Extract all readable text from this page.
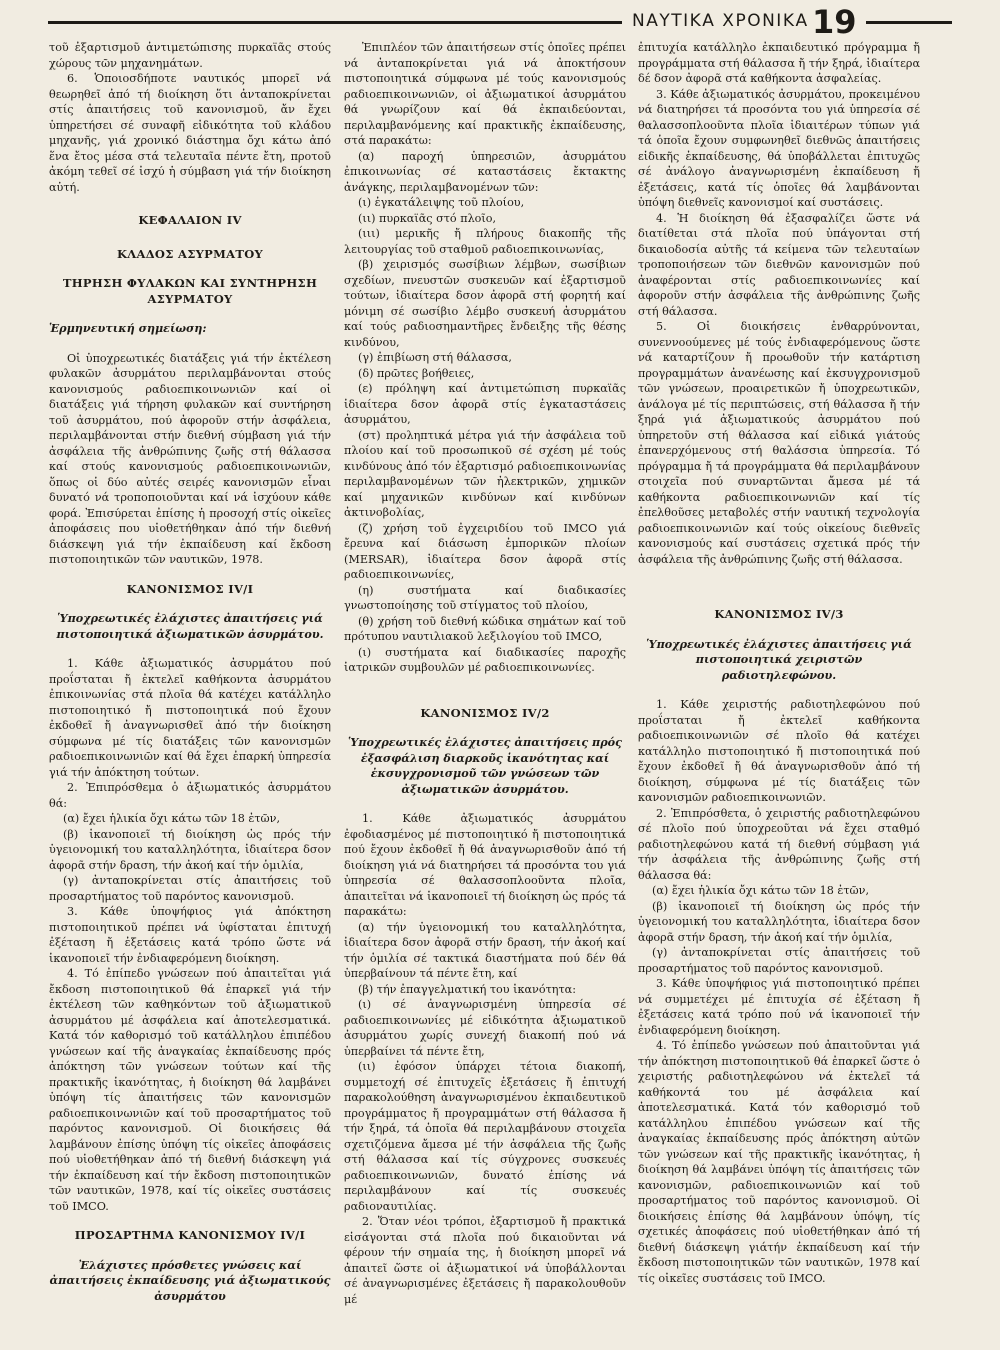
ΝΑΥΤΙΚΑ ΧΡΟΝΙΚΑ 19

τοῦ ἐξαρτισμοῦ ἀντιμετώπισης πυρκαϊᾶς στούς χώρους τῶν μηχανημάτων.

6. Ὁποιοσδήποτε ναυτικός μπορεῖ νά θεωρηθεῖ ἀπό τή διοίκηση ὅτι ἀνταποκρίνεται στίς ἀπαιτήσεις τοῦ κανονισμοῦ, ἄν ἔχει ὑπηρετήσει σέ συναφῆ εἰδικότητα τοῦ κλάδου μηχανῆς, γιά χρονικό διάστημα ὄχι κάτω ἀπό ἕνα ἔτος μέσα στά τελευταῖα πέντε ἔτη, προτοῦ ἀκόμη τεθεῖ σέ ἰσχύ ἡ σύμβαση γιά τήν διοίκηση αὐτή.

ΚΕΦΑΛΑΙΟΝ IV

ΚΛΑΔΟΣ ΑΣΥΡΜΑΤΟΥ

ΤΗΡΗΣΗ ΦΥΛΑΚΩΝ ΚΑΙ ΣΥΝΤΗΡΗΣΗ ΑΣΥΡΜΑΤΟΥ

Ἑρμηνευτική σημείωση:

Οἱ ὑποχρεωτικές διατάξεις γιά τήν ἐκτέλεση φυλακῶν ἀσυρμάτου περιλαμβάνονται στούς κανονισμούς ραδιοεπικοινωνιῶν καί οἱ διατάξεις γιά τήρηση φυλακῶν καί συντήρηση τοῦ ἀσυρμάτου, πού ἀφοροῦν στήν ἀσφάλεια, περιλαμβάνονται στήν διεθνή σύμβαση γιά τήν ἀσφάλεια τῆς ἀνθρώπινης ζωῆς στή θάλασσα καί στούς κανονισμούς ραδιοεπικοινωνιῶν, ὅπως οἱ δύο αὐτές σειρές κανονισμῶν εἶναι δυνατό νά τροποποιοῦνται καί νά ἰσχύουν κάθε φορά. Ἐπισύρεται ἐπίσης ἡ προσοχή στίς οἰκεῖες ἀποφάσεις που υἱοθετήθηκαν ἀπό τήν διεθνή διάσκεψη γιά τήν ἐκπαίδευση καί ἔκδοση πιστοποιητικῶν τῶν ναυτικῶν, 1978.

ΚΑΝΟΝΙΣΜΟΣ IV/I

Ὑποχρεωτικές ἐλάχιστες ἀπαιτήσεις γιά πιστοποιητικά ἀξιωματικῶν ἀσυρμάτου.

1. Κάθε ἀξιωματικός ἀσυρμάτου πού προΐσταται ἤ ἐκτελεῖ καθήκοντα ἀσυρμάτου ἐπικοινωνίας στά πλοῖα θά κατέχει κατάλληλο πιστοποιητικό ἤ πιστοποιητικά πού ἔχουν ἐκδοθεῖ ἤ ἀναγνωρισθεῖ ἀπό τήν διοίκηση σύμφωνα μέ τίς διατάξεις τῶν κανονισμῶν ραδιοεπικοινωνιῶν καί θά ἔχει ἐπαρκή ὑπηρεσία γιά τήν ἀπόκτηση τούτων.

2. Ἐπιπρόσθεμα ὁ ἀξιωματικός ἀσυρμάτου θά:

(α) ἔχει ἡλικία ὄχι κάτω τῶν 18 ἐτῶν,

(β) ἱκανοποιεῖ τή διοίκηση ὡς πρός τήν ὑγειονομική του καταλληλότητα, ἰδιαίτερα δσον ἀφορᾶ στήν δραση, τήν ἀκοή καί τήν ὁμιλία,

(γ) ἀνταποκρίνεται στίς ἀπαιτήσεις τοῦ προσαρτήματος τοῦ παρόντος κανονισμοῦ.

3. Κάθε ὑποψήφιος γιά ἀπόκτηση πιστοποιητικοῦ πρέπει νά ὑφίσταται ἐπιτυχή ἐξέταση ἤ ἐξετάσεις κατά τρόπο ὥστε νά ἱκανοποιεῖ τήν ἐνδιαφερόμενη διοίκηση.

4. Τό ἐπίπεδο γνώσεων πού ἀπαιτεῖται γιά ἔκδοση πιστοποιητικοῦ θά ἐπαρκεῖ γιά τήν ἐκτέλεση τῶν καθηκόντων τοῦ ἀξιωματικοῦ ἀσυρμάτου μέ ἀσφάλεια καί ἀποτελεσματικά. Κατά τόν καθορισμό τοῦ κατάλληλου ἐπιπέδου γνώσεων καί τῆς ἀναγκαίας ἐκπαίδευσης πρός ἀπόκτηση τῶν γνώσεων τούτων καί τῆς πρακτικῆς ἱκανότητας, ἡ διοίκηση θά λαμβάνει ὑπόψη τίς ἀπαιτήσεις τῶν κανονισμῶν ραδιοεπικοινωνιῶν καί τοῦ προσαρτήματος τοῦ παρόντος κανονισμοῦ. Οἱ διοικήσεις θά λαμβάνουν ἐπίσης ὑπόψη τίς οἰκεῖες ἀποφάσεις πού υἱοθετήθηκαν ἀπό τή διεθνή διάσκεψη γιά τήν ἐκπαίδευση καί τήν ἔκδοση πιστοποιητικῶν τῶν ναυτικῶν, 1978, καί τίς οἰκεῖες συστάσεις τοῦ IMCO.

ΠΡΟΣΑΡΤΗΜΑ ΚΑΝΟΝΙΣΜΟΥ IV/I

Ἐλάχιστες πρόσθετες γνώσεις καί ἀπαιτήσεις ἐκπαίδευσης γιά ἀξιωματικούς ἀσυρμάτου

Ἐπιπλέον τῶν ἀπαιτήσεων στίς ὁποῖες πρέπει νά ἀνταποκρίνεται γιά νά ἀποκτήσουν πιστοποιητικά σύμφωνα μέ τούς κανονισμούς ραδιοεπικοινωνιῶν, οἱ ἀξιωματικοί ἀσυρμάτου θά γνωρίζουν καί θά ἐκπαιδεύονται, περιλαμβανόμενης καί πρακτικῆς ἐκπαίδευσης, στά παρακάτω:

(α) παροχή ὑπηρεσιῶν, ἀσυρμάτου ἐπικοινωνίας σέ καταστάσεις ἔκτακτης ἀνάγκης, περιλαμβανομένων τῶν:

(ι) ἐγκατάλειψης τοῦ πλοίου,

(ιι) πυρκαϊᾶς στό πλοῖο,

(ιιι) μερικῆς ἤ πλήρους διακοπῆς τῆς λειτουργίας τοῦ σταθμοῦ ραδιοεπικοινωνίας,

(β) χειρισμός σωσίβιων λέμβων, σωσίβιων σχεδίων, πνευστῶν συσκευῶν καί ἐξαρτισμοῦ τούτων, ἰδιαίτερα δσον ἀφορᾶ στή φορητή καί μόνιμη σέ σωσίβιο λέμβο συσκευή ἀσυρμάτου καί τούς ραδιοσημαντῆρες ἔνδειξης τῆς θέσης κινδύνου,

(γ) ἐπιβίωση στή θάλασσα,

(δ) πρῶτες βοήθειες,

(ε) πρόληψη καί ἀντιμετώπιση πυρκαϊᾶς ἰδιαίτερα δσον ἀφορᾶ στίς ἐγκαταστάσεις ἀσυρμάτου,

(στ) προληπτικά μέτρα γιά τήν ἀσφάλεια τοῦ πλοίου καί τοῦ προσωπικοῦ σέ σχέση μέ τούς κινδύνους ἀπό τόν ἐξαρτισμό ραδιοεπικοινωνίας περιλαμβανομένων τῶν ἠλεκτρικῶν, χημικῶν καί μηχανικῶν κινδύνων καί κινδύνων ἀκτινοβολίας,

(ζ) χρήση τοῦ ἐγχειριδίου τοῦ IMCO γιά ἔρευνα καί διάσωση ἐμπορικῶν πλοίων (MERSAR), ἰδιαίτερα δσον ἀφορᾶ στίς ραδιοεπικοινωνίες,

(η) συστήματα καί διαδικασίες γνωστοποίησης τοῦ στίγματος τοῦ πλοίου,

(θ) χρήση τοῦ διεθνή κώδικα σημάτων καί τοῦ πρότυπου ναυτιλιακοῦ λεξιλογίου τοῦ IMCO,

(ι) συστήματα καί διαδικασίες παροχῆς ἰατρικῶν συμβουλῶν μέ ραδιοεπικοινωνίες.

ΚΑΝΟΝΙΣΜΟΣ IV/2

Ὑποχρεωτικές ἐλάχιστες ἀπαιτήσεις πρός ἐξασφάλιση διαρκοῦς ἱκανότητας καί ἐκσυγχρονισμοῦ τῶν γνώσεων τῶν ἀξιωματικῶν ἀσυρμάτου.

1. Κάθε ἀξιωματικός ἀσυρμάτου ἐφοδιασμένος μέ πιστοποιητικό ἤ πιστοποιητικά πού ἔχουν ἐκδοθεῖ ἤ θά ἀναγνωρισθοῦν ἀπό τή διοίκηση γιά νά διατηρήσει τά προσόντα του γιά ὑπηρεσία σέ θαλασσοπλοοῦντα πλοῖα, ἀπαιτεῖται νά ἱκανοποιεῖ τή διοίκηση ὡς πρός τά παρακάτω:

(α) τήν ὑγειονομική του καταλληλότητα, ἰδιαίτερα δσον ἀφορᾶ στήν δραση, τήν ἀκοή καί τήν ὁμιλία σέ τακτικά διαστήματα πού δέν θά ὑπερβαίνουν τά πέντε ἔτη, καί

(β) τήν ἐπαγγελματική του ἱκανότητα:

(ι) σέ ἀναγνωρισμένη ὑπηρεσία σέ ραδιοεπικοινωνίες μέ εἰδικότητα ἀξιωματικοῦ ἀσυρμάτου χωρίς συνεχή διακοπή πού νά ὑπερβαίνει τά πέντε ἔτη,

(ιι) ἐφόσον ὑπάρχει τέτοια διακοπή, συμμετοχή σέ ἐπιτυχεῖς ἐξετάσεις ἤ ἐπιτυχή παρακολούθηση ἀναγνωρισμένου ἐκπαιδευτικοῦ προγράμματος ἤ προγραμμάτων στή θάλασσα ἤ τήν ξηρά, τά ὁποῖα θά περιλαμβάνουν στοιχεῖα σχετιζόμενα ἄμεσα μέ τήν ἀσφάλεια τῆς ζωῆς στή θάλασσα καί τίς σύγχρονες συσκευές ραδιοεπικοινωνιῶν, δυνατό ἐπίσης νά περιλαμβάνουν καί τίς συσκευές ραδιοναυτιλίας.

2. Ὅταν νέοι τρόποι, ἐξαρτισμοῦ ἤ πρακτικά εἰσάγονται στά πλοῖα πού δικαιοῦνται νά φέρουν τήν σημαία της, ἡ διοίκηση μπορεῖ νά ἀπαιτεῖ ὥστε οἱ ἀξιωματικοί νά ὑποβάλλονται σέ ἀναγνωρισμένες ἐξετάσεις ἤ παρακολουθοῦν μέ

ἐπιτυχία κατάλληλο ἐκπαιδευτικό πρόγραμμα ἤ προγράμματα στή θάλασσα ἤ τήν ξηρά, ἰδιαίτερα δέ δσον ἀφορᾶ στά καθήκοντα ἀσφαλείας.

3. Κάθε ἀξιωματικός ἀσυρμάτου, προκειμένου νά διατηρήσει τά προσόντα του γιά ὑπηρεσία σέ θαλασσοπλοοῦντα πλοῖα ἰδιαιτέρων τύπων γιά τά ὁποῖα ἔχουν συμφωνηθεῖ διεθνῶς ἀπαιτήσεις εἰδικῆς ἐκπαίδευσης, θά ὑποβάλλεται ἐπιτυχῶς σέ ἀνάλογο ἀναγνωρισμένη ἐκπαίδευση ἤ ἐξετάσεις, κατά τίς ὁποῖες θά λαμβάνονται ὑπόψη διεθνεῖς κανονισμοί καί συστάσεις.

4. Ἡ διοίκηση θά ἐξασφαλίζει ὥστε νά διατίθεται στά πλοῖα πού ὑπάγονται στή δικαιοδοσία αὐτῆς τά κείμενα τῶν τελευταίων τροποποιήσεων τῶν διεθνῶν κανονισμῶν πού ἀναφέρονται στίς ραδιοεπικοινωνίες καί ἀφοροῦν στήν ἀσφάλεια τῆς ἀνθρώπινης ζωῆς στή θάλασσα.

5. Οἱ διοικήσεις ἐνθαρρύνονται, συνεννοούμενες μέ τούς ἐνδιαφερόμενους ὥστε νά καταρτίζουν ἤ προωθοῦν τήν κατάρτιση προγραμμάτων ἀνανέωσης καί ἐκσυγχρονισμοῦ τῶν γνώσεων, προαιρετικῶν ἤ ὑποχρεωτικῶν, ἀνάλογα μέ τίς περιπτώσεις, στή θάλασσα ἤ τήν ξηρά γιά ἀξιωματικούς ἀσυρμάτου πού ὑπηρετοῦν στή θάλασσα καί εἰδικά γιάτούς ἐπανερχόμενους στή θαλάσσια ὑπηρεσία. Τό πρόγραμμα ἤ τά προγράμματα θά περιλαμβάνουν στοιχεῖα πού συναρτῶνται ἄμεσα μέ τά καθήκοντα ραδιοεπικοινωνιῶν καί τίς ἐπελθοῦσες μεταβολές στήν ναυτική τεχνολογία ραδιοεπικοινωνιῶν καί τούς οἰκείους διεθνεῖς κανονισμούς καί συστάσεις σχετικά πρός τήν ἀσφάλεια τῆς ἀνθρώπινης ζωῆς στή θάλασσα.

ΚΑΝΟΝΙΣΜΟΣ IV/3

Ὑποχρεωτικές ἐλάχιστες ἀπαιτήσεις γιά πιστοποιητικά χειριστῶν ραδιοτηλεφώνου.

1. Κάθε χειριστής ραδιοτηλεφώνου πού προΐσταται ἤ ἐκτελεῖ καθήκοντα ραδιοεπικοινωνιῶν σέ πλοῖο θά κατέχει κατάλληλο πιστοποιητικό ἤ πιστοποιητικά πού ἔχουν ἐκδοθεῖ ἤ θά ἀναγνωρισθοῦν ἀπό τή διοίκηση, σύμφωνα μέ τίς διατάξεις τῶν κανονισμῶν ραδιοεπικοινωνιῶν.

2. Ἐπιπρόσθετα, ὁ χειριστής ραδιοτηλεφώνου σέ πλοῖο πού ὑποχρεοῦται νά ἔχει σταθμό ραδιοτηλεφώνου κατά τή διεθνή σύμβαση γιά τήν ἀσφάλεια τῆς ἀνθρώπινης ζωῆς στή θάλασσα θά:

(α) ἔχει ἡλικία ὄχι κάτω τῶν 18 ἐτῶν,

(β) ἱκανοποιεῖ τή διοίκηση ὡς πρός τήν ὑγειονομική του καταλληλότητα, ἰδιαίτερα δσον ἀφορᾶ στήν δραση, τήν ἀκοή καί τήν ὁμιλία,

(γ) ἀνταποκρίνεται στίς ἀπαιτήσεις τοῦ προσαρτήματος τοῦ παρόντος κανονισμοῦ.

3. Κάθε ὑποψήφιος γιά πιστοποιητικό πρέπει νά συμμετέχει μέ ἐπιτυχία σέ ἐξέταση ἤ ἐξετάσεις κατά τρόπο πού νά ἱκανοποιεῖ τήν ἐνδιαφερόμενη διοίκηση.

4. Τό ἐπίπεδο γνώσεων πού ἀπαιτοῦνται γιά τήν ἀπόκτηση πιστοποιητικοῦ θά ἐπαρκεῖ ὥστε ὁ χειριστής ραδιοτηλεφώνου νά ἐκτελεῖ τά καθήκοντά του μέ ἀσφάλεια καί ἀποτελεσματικά. Κατά τόν καθορισμό τοῦ κατάλληλου ἐπιπέδου γνώσεων καί τῆς ἀναγκαίας ἐκπαίδευσης πρός ἀπόκτηση αὐτῶν τῶν γνώσεων καί τῆς πρακτικῆς ἱκανότητας, ἡ διοίκηση θά λαμβάνει ὑπόψη τίς ἀπαιτήσεις τῶν κανονισμῶν, ραδιοεπικοινωνιῶν καί τοῦ προσαρτήματος τοῦ παρόντος κανονισμοῦ. Οἱ διοικήσεις ἐπίσης θά λαμβάνουν ὑπόψη, τίς σχετικές ἀποφάσεις πού υἱοθετήθηκαν ἀπό τή διεθνή διάσκεψη γιάτήν ἐκπαίδευση καί τήν ἔκδοση πιστοποιητικῶν τῶν ναυτικῶν, 1978 καί τίς οἰκεῖες συστάσεις τοῦ IMCO.
